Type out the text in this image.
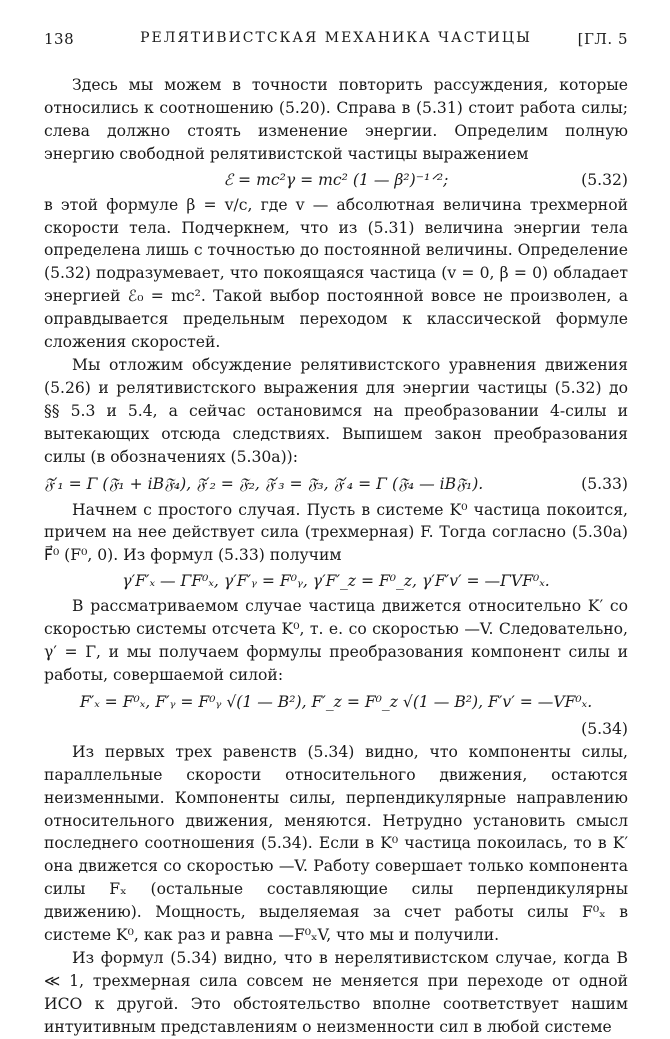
138	РЕЛЯТИВИСТСКАЯ МЕХАНИКА ЧАСТИЦЫ	[ГЛ. 5

Здесь мы можем в точности повторить рассуждения, которые относились к соотношению (5.20). Справа в (5.31) стоит работа силы; слева должно стоять изменение энергии. Определим полную энергию свободной релятивистской частицы выражением

ℰ = mc²γ = mc² (1 — β²)⁻¹ᐟ²;	(5.32)

в этой формуле β = v/c, где v — абсолютная величина трехмерной скорости тела. Подчеркнем, что из (5.31) величина энергии тела определена лишь с точностью до постоянной величины. Определение (5.32) подразумевает, что покоящаяся частица (v = 0, β = 0) обладает энергией ℰ₀ = mc². Такой выбор постоянной вовсе не произволен, а оправдывается предельным переходом к классической формуле сложения скоростей.

Мы отложим обсуждение релятивистского уравнения движения (5.26) и релятивистского выражения для энергии частицы (5.32) до §§ 5.3 и 5.4, а сейчас остановимся на преобразовании 4-силы и вытекающих отсюда следствиях. Выпишем закон преобразования силы (в обозначениях (5.30а)):

𝔉′₁ = Γ (𝔉₁ + iB𝔉₄), 𝔉′₂ = 𝔉₂, 𝔉′₃ = 𝔉₃, 𝔉′₄ = Γ (𝔉₄ — iB𝔉₁).	(5.33)

Начнем с простого случая. Пусть в системе K⁰ частица покоится, причем на нее действует сила (трехмерная) F. Тогда согласно (5.30а) F⃗⁰ (F⁰, 0). Из формул (5.33) получим

γ′F′ₓ — ΓF⁰ₓ, γ′F′ᵧ = F⁰ᵧ, γ′F′_z = F⁰_z, γ′F′v′ = —ΓVF⁰ₓ.

В рассматриваемом случае частица движется относительно K′ со скоростью системы отсчета K⁰, т. е. со скоростью —V. Следовательно, γ′ = Γ, и мы получаем формулы преобразования компонент силы и работы, совершаемой силой:

F′ₓ = F⁰ₓ, F′ᵧ = F⁰ᵧ √(1 — B²), F′_z = F⁰_z √(1 — B²), F′v′ = —VF⁰ₓ.
(5.34)

Из первых трех равенств (5.34) видно, что компоненты силы, параллельные скорости относительного движения, остаются неизменными. Компоненты силы, перпендикулярные направлению относительного движения, меняются. Нетрудно установить смысл последнего соотношения (5.34). Если в K⁰ частица покоилась, то в K′ она движется со скоростью —V. Работу совершает только компонента силы Fₓ (остальные составляющие силы перпендикулярны движению). Мощность, выделяемая за счет работы силы F⁰ₓ в системе K⁰, как раз и равна —F⁰ₓV, что мы и получили.

Из формул (5.34) видно, что в нерелятивистском случае, когда B ≪ 1, трехмерная сила совсем не меняется при переходе от одной ИСО к другой. Это обстоятельство вполне соответствует нашим интуитивным представлениям о неизменности сил в любой системе
